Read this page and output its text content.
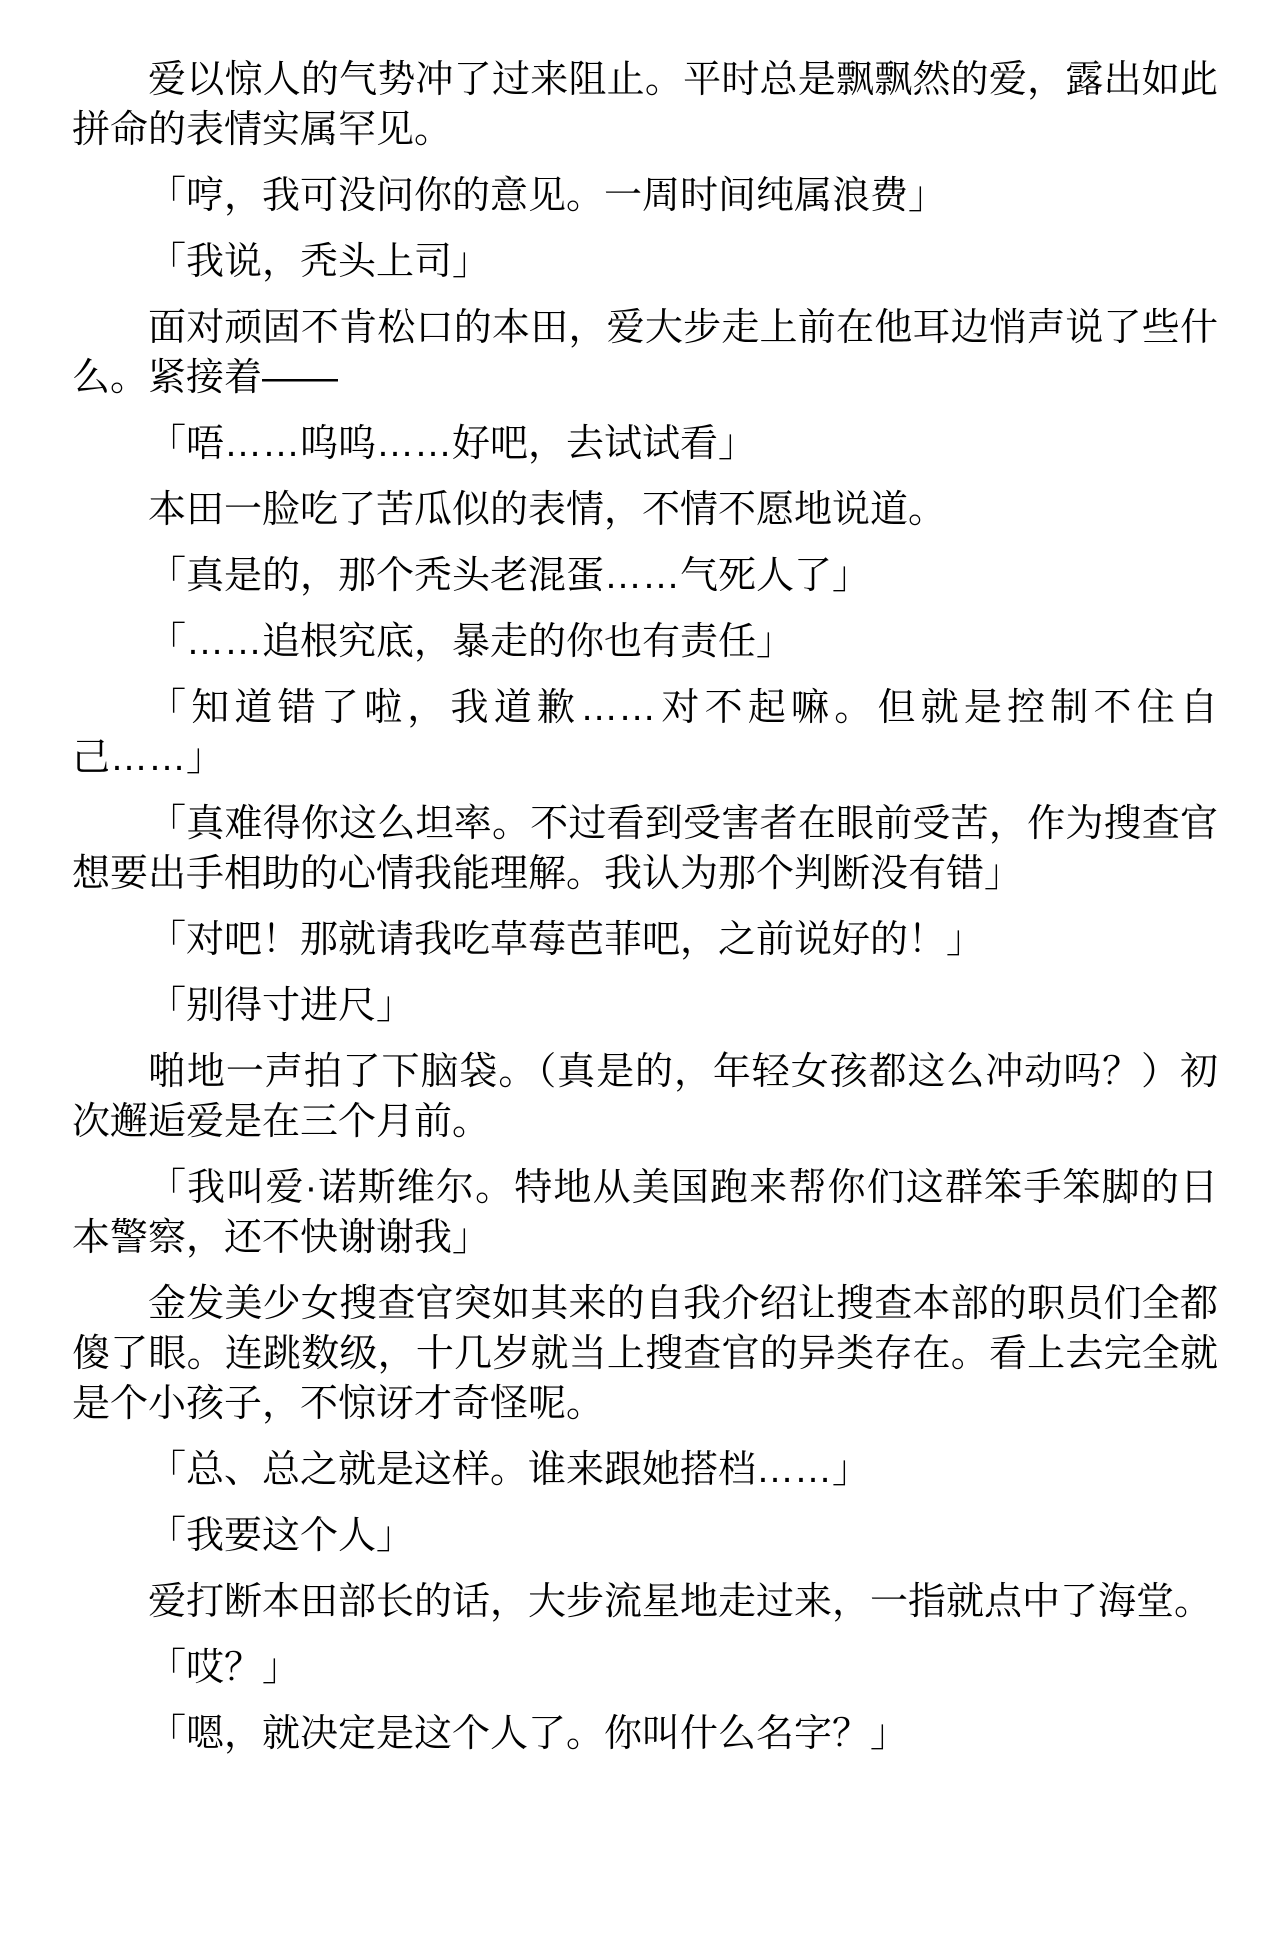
爱以惊人的气势冲了过来阻止。平时总是飘飘然的爱，露出如此拼命的表情实属罕见。

「哼，我可没问你的意见。一周时间纯属浪费」

「我说，秃头上司」

面对顽固不肯松口的本田，爱大步走上前在他耳边悄声说了些什么。紧接着——

「唔……呜呜……好吧，去试试看」

本田一脸吃了苦瓜似的表情，不情不愿地说道。

「真是的，那个秃头老混蛋……气死人了」

「……追根究底，暴走的你也有责任」

「知道错了啦，我道歉……对不起嘛。但就是控制不住自己……」

「真难得你这么坦率。不过看到受害者在眼前受苦，作为搜查官想要出手相助的心情我能理解。我认为那个判断没有错」

「对吧！那就请我吃草莓芭菲吧，之前说好的！」

「别得寸进尺」

啪地一声拍了下脑袋。（真是的，年轻女孩都这么冲动吗？）初次邂逅爱是在三个月前。

「我叫爱·诺斯维尔。特地从美国跑来帮你们这群笨手笨脚的日本警察，还不快谢谢我」

金发美少女搜查官突如其来的自我介绍让搜查本部的职员们全都傻了眼。连跳数级，十几岁就当上搜查官的异类存在。看上去完全就是个小孩子，不惊讶才奇怪呢。

「总、总之就是这样。谁来跟她搭档……」

「我要这个人」

爱打断本田部长的话，大步流星地走过来，一指就点中了海堂。

「哎？」

「嗯，就决定是这个人了。你叫什么名字？」
